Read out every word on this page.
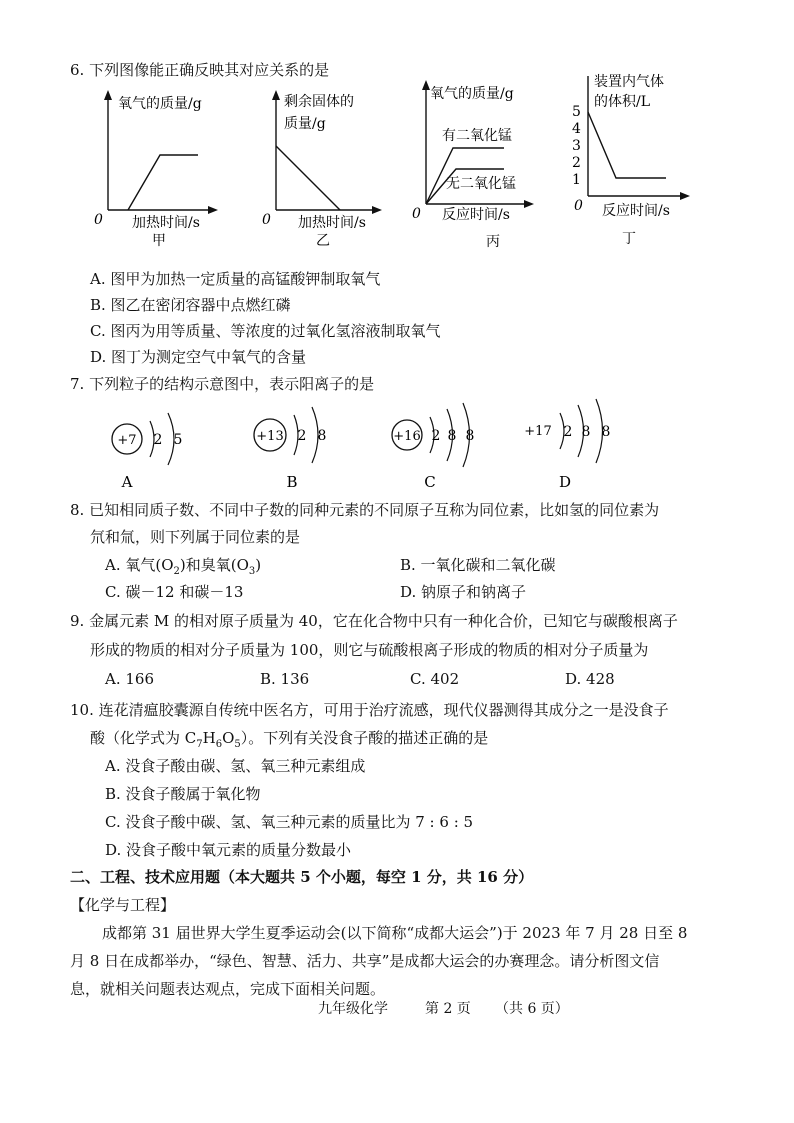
6. 下列图像能正确反映其对应关系的是
氧气的质量/g
0 加热时间/s
甲
剩余固体的
质量/g
0 加热时间/s
乙
氧气的质量/g
有二氧化锰
无二氧化锰
0 反应时间/s
丙
装置内气体
的体积/L
5
4
3
2
1
0 反应时间/s
丁
A. 图甲为加热一定质量的高锰酸钾制取氧气
B. 图乙在密闭容器中点燃红磷
C. 图丙为用等质量、等浓度的过氧化氢溶液制取氧气
D. 图丁为测定空气中氧气的含量
7. 下列粒子的结构示意图中，表示阳离子的是
+7 2 5
A
+13 2 8
B
+16 2 8 8
C
+17 2 8 8
D
8. 已知相同质子数、不同中子数的同种元素的不同原子互称为同位素，比如氢的同位素为
氘和氚，则下列属于同位素的是
A. 氧气$(O_2)$和臭氧$(O_3)$	B. 一氧化碳和二氧化碳
C. 碳－12 和碳－13	D. 钠原子和钠离子
9. 金属元素 M 的相对原子质量为 40，它在化合物中只有一种化合价，已知它与碳酸根离子
形成的物质的相对分子质量为 100，则它与硫酸根离子形成的物质的相对分子质量为
A. 166	B. 136	C. 402	D. 428
10. 连花清瘟胶囊源自传统中医名方，可用于治疗流感，现代仪器测得其成分之一是没食子
酸（化学式为 $C_7H_6O_5$）。下列有关没食子酸的描述正确的是
A. 没食子酸由碳、氢、氧三种元素组成
B. 没食子酸属于氧化物
C. 没食子酸中碳、氢、氧三种元素的质量比为 7 : 6 : 5
D. 没食子酸中氧元素的质量分数最小
二、工程、技术应用题（本大题共 5 个小题，每空 1 分，共 16 分）
【化学与工程】
成都第 31 届世界大学生夏季运动会(以下简称“成都大运会”)于 2023 年 7 月 28 日至 8
月 8 日在成都举办，“绿色、智慧、活力、共享”是成都大运会的办赛理念。请分析图文信
息，就相关问题表达观点，完成下面相关问题。
九年级化学	第 2 页 （共 6 页）
